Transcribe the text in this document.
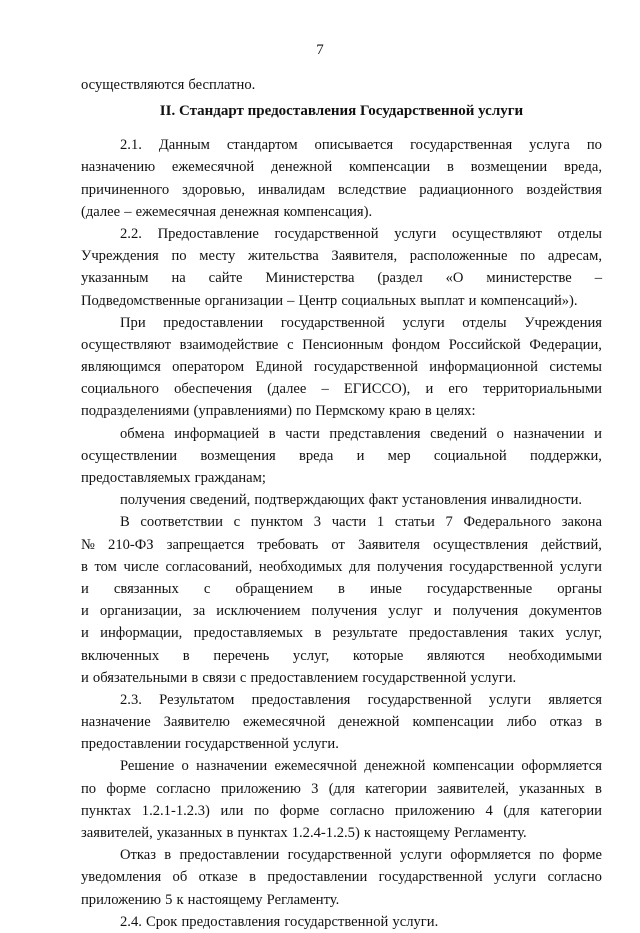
7
осуществляются бесплатно.
II. Стандарт предоставления Государственной услуги
2.1. Данным стандартом описывается государственная услуга по
назначению ежемесячной денежной компенсации в возмещении вреда,
причиненного здоровью, инвалидам вследствие радиационного воздействия
(далее – ежемесячная денежная компенсация).
2.2. Предоставление государственной услуги осуществляют отделы
Учреждения по месту жительства Заявителя, расположенные по адресам,
указанным на сайте Министерства (раздел «О министерстве –
Подведомственные организации – Центр социальных выплат и компенсаций»).
При предоставлении государственной услуги отделы Учреждения
осуществляют взаимодействие с Пенсионным фондом Российской Федерации,
являющимся оператором Единой государственной информационной системы
социального обеспечения (далее – ЕГИССО), и его территориальными
подразделениями (управлениями) по Пермскому краю в целях:
обмена информацией в части представления сведений о назначении и
осуществлении возмещения вреда и мер социальной поддержки,
предоставляемых гражданам;
получения сведений, подтверждающих факт установления инвалидности.
В соответствии с пунктом 3 части 1 статьи 7 Федерального закона
№ 210-ФЗ запрещается требовать от Заявителя осуществления действий,
в том числе согласований, необходимых для получения государственной услуги
и связанных с обращением в иные государственные органы
и организации, за исключением получения услуг и получения документов
и информации, предоставляемых в результате предоставления таких услуг,
включенных в перечень услуг, которые являются необходимыми
и обязательными в связи с предоставлением государственной услуги.
2.3. Результатом предоставления государственной услуги является
назначение Заявителю ежемесячной денежной компенсации либо отказ в
предоставлении государственной услуги.
Решение о назначении ежемесячной денежной компенсации оформляется
по форме согласно приложению 3 (для категории заявителей, указанных в
пунктах 1.2.1-1.2.3) или по форме согласно приложению 4 (для категории
заявителей, указанных в пунктах 1.2.4-1.2.5) к настоящему Регламенту.
Отказ в предоставлении государственной услуги оформляется по форме
уведомления об отказе в предоставлении государственной услуги согласно
приложению 5 к настоящему Регламенту.
2.4. Срок предоставления государственной услуги.
